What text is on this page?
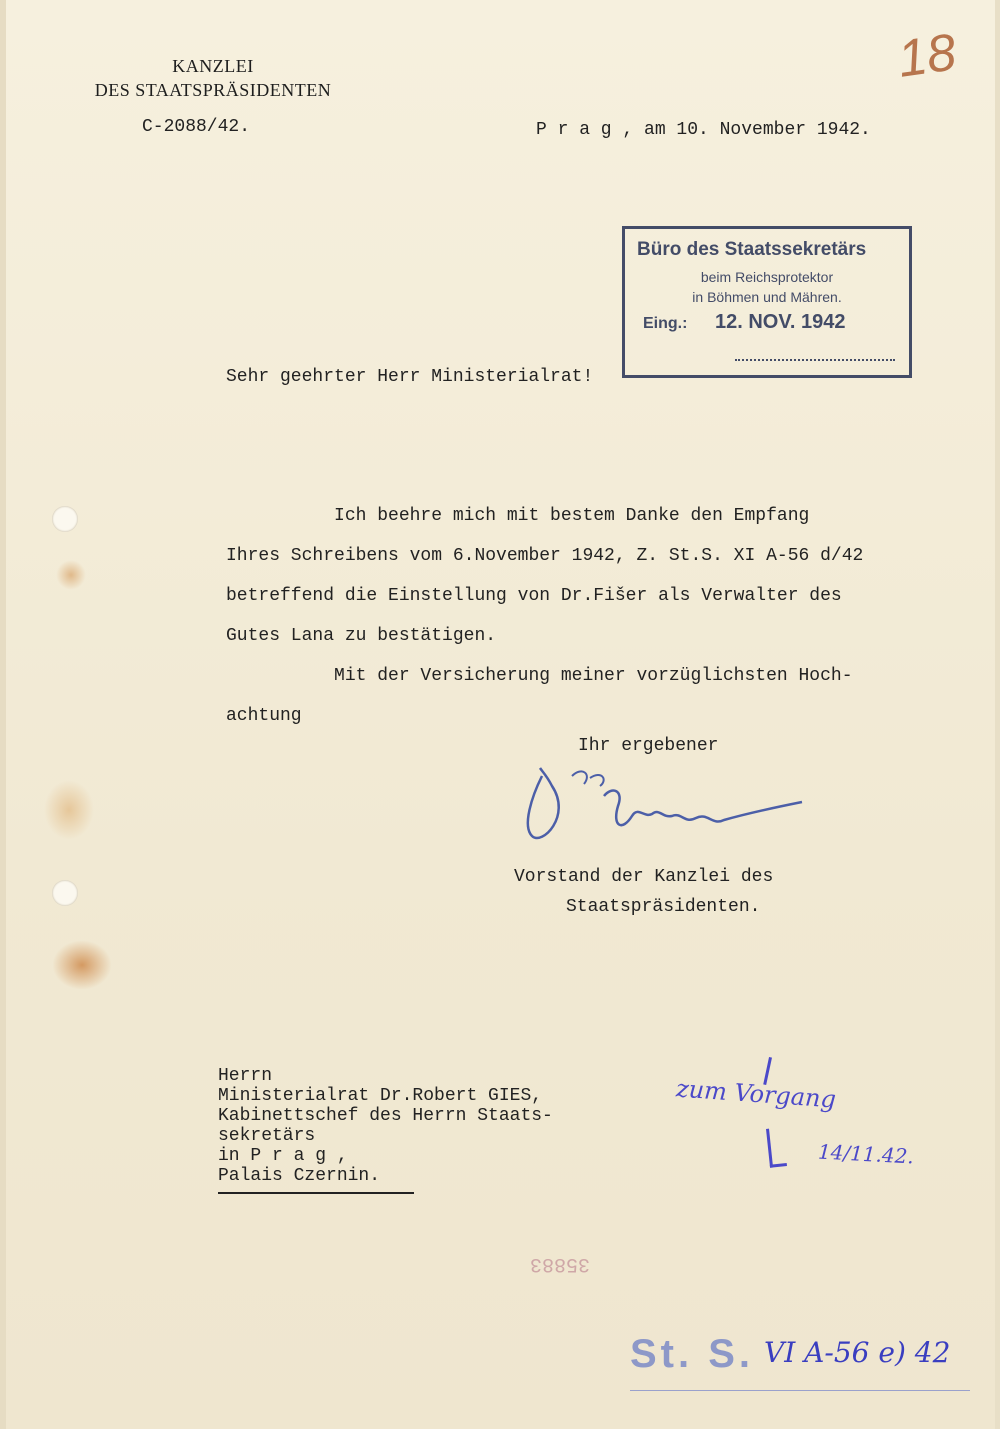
KANZLEI
DES STAATSPRÄSIDENTEN
C-2088/42.	P r a g , am 10. November 1942.
18
Büro des Staatssekretärs
beim Reichsprotektor
in Böhmen und Mähren.
Eing.: 12. NOV. 1942
Sehr geehrter Herr Ministerialrat!
Ich beehre mich mit bestem Danke den Empfang
Ihres Schreibens vom 6.November 1942, Z. St.S. XI A-56 d/42
betreffend die Einstellung von Dr.Fišer als Verwalter des
Gutes Lana zu bestätigen.
Mit der Versicherung meiner vorzüglichsten Hoch-
achtung
Ihr ergebener
Vorstand der Kanzlei des
Staatspräsidenten.
Herrn
Ministerialrat Dr.Robert GIES,
Kabinettschef des Herrn Staats-
sekretärs
in P r a g ,
Palais Czernin.
zum Vorgang
14/11.42.
35883
St. S. VI A-56 e) 42
